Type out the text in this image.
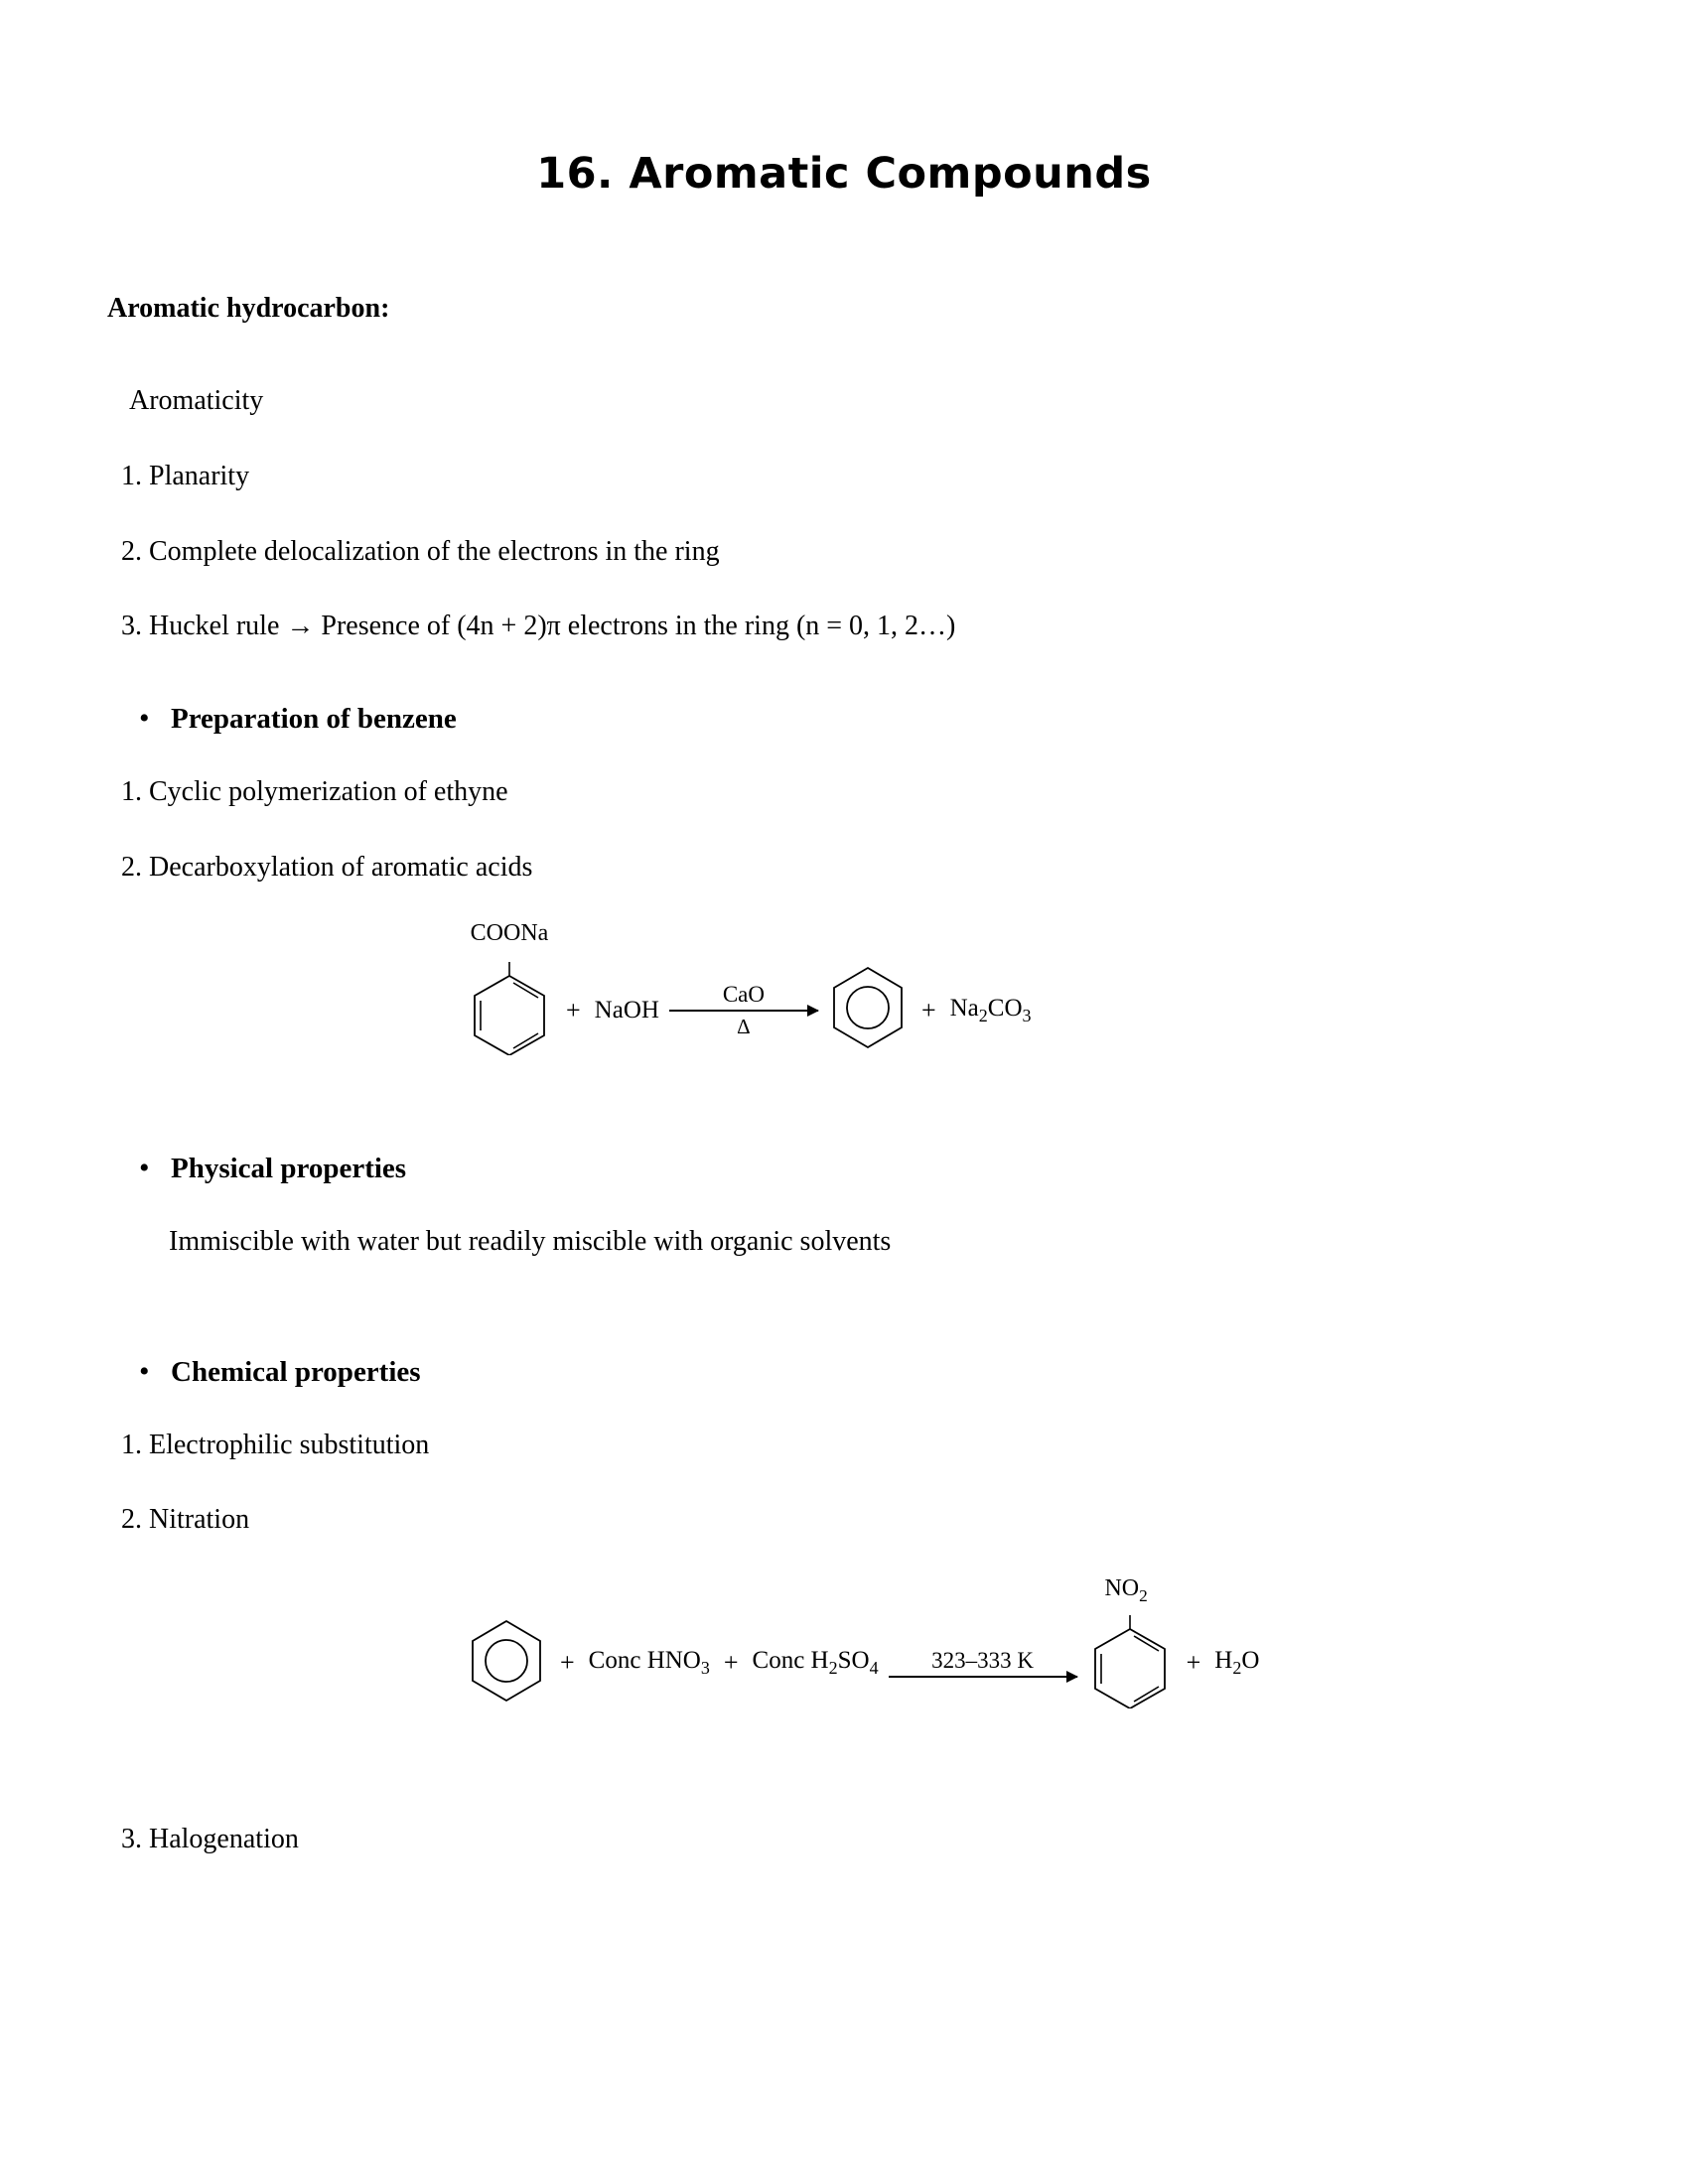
16. Aromatic Compounds
Aromatic hydrocarbon:
Aromaticity
1. Planarity
2. Complete delocalization of the electrons in the ring
3. Huckel rule → Presence of (4n + 2)π electrons in the ring (n = 0, 1, 2…)
• Preparation of benzene
1. Cyclic polymerization of ethyne
2. Decarboxylation of aromatic acids
COONa
+ NaOH
CaO
Δ
+ $Na_2CO_3$
• Physical properties
Immiscible with water but readily miscible with organic solvents
• Chemical properties
1. Electrophilic substitution
2. Nitration
+ Conc $HNO_3$ + Conc $H_2SO_4$	323–333 K
$NO_2$
+ $H_2O$
3. Halogenation
